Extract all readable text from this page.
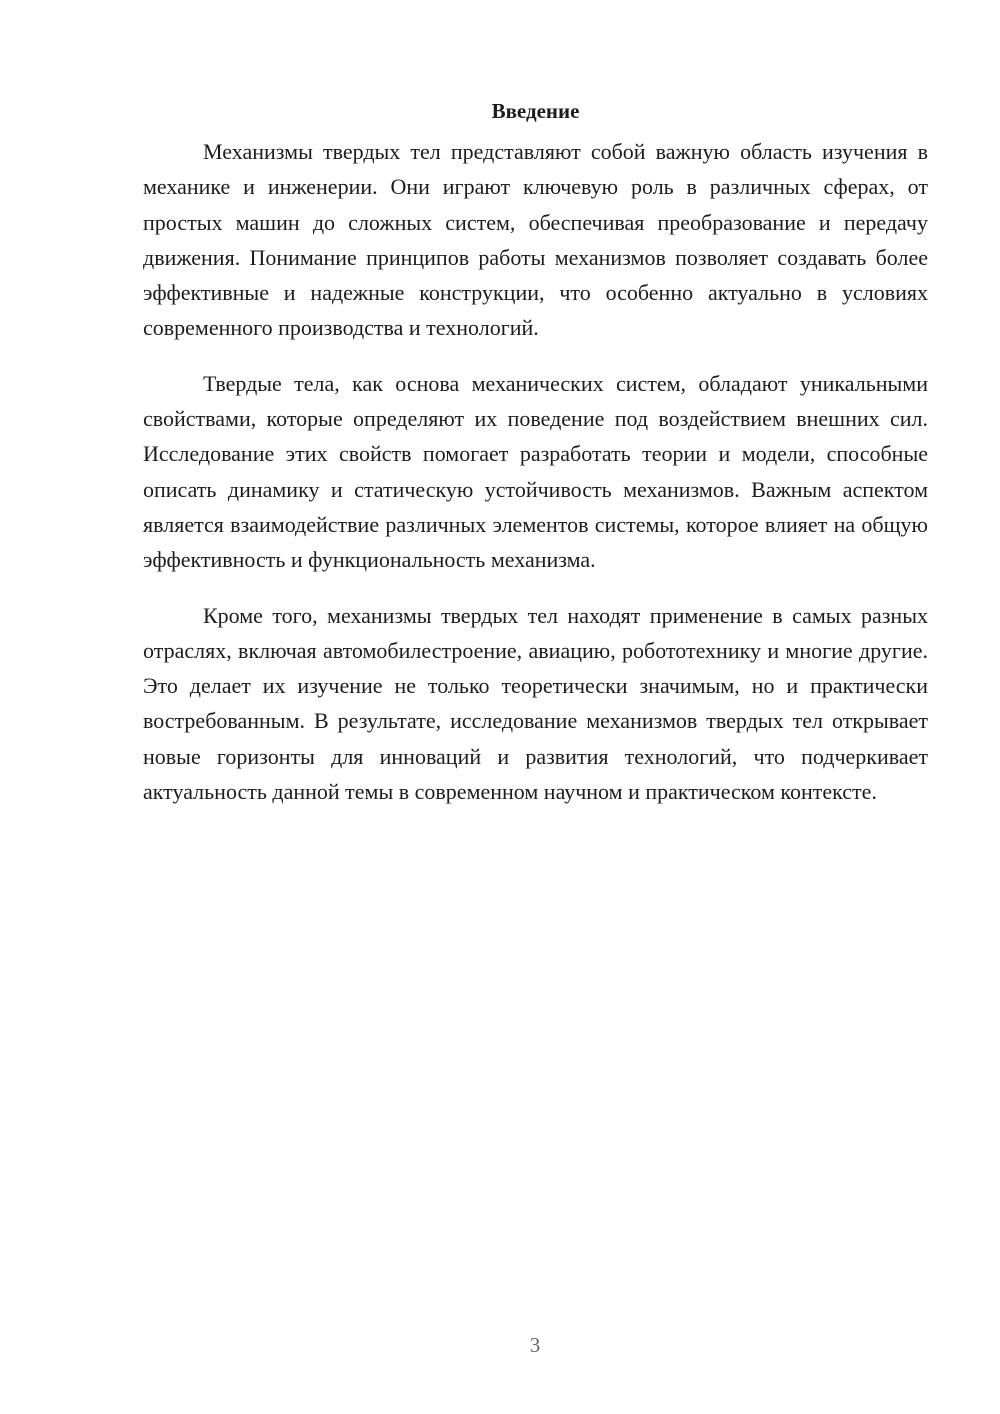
Введение

Механизмы твердых тел представляют собой важную область изучения в механике и инженерии. Они играют ключевую роль в различных сферах, от простых машин до сложных систем, обеспечивая преобразование и передачу движения. Понимание принципов работы механизмов позволяет создавать более эффективные и надежные конструкции, что особенно актуально в условиях современного производства и технологий.

Твердые тела, как основа механических систем, обладают уникальными свойствами, которые определяют их поведение под воздействием внешних сил. Исследование этих свойств помогает разработать теории и модели, способные описать динамику и статическую устойчивость механизмов. Важным аспектом является взаимодействие различных элементов системы, которое влияет на общую эффективность и функциональность механизма.

Кроме того, механизмы твердых тел находят применение в самых разных отраслях, включая автомобилестроение, авиацию, робототехнику и многие другие. Это делает их изучение не только теоретически значимым, но и практически востребованным. В результате, исследование механизмов твердых тел открывает новые горизонты для инноваций и развития технологий, что подчеркивает актуальность данной темы в современном научном и практическом контексте.

3
